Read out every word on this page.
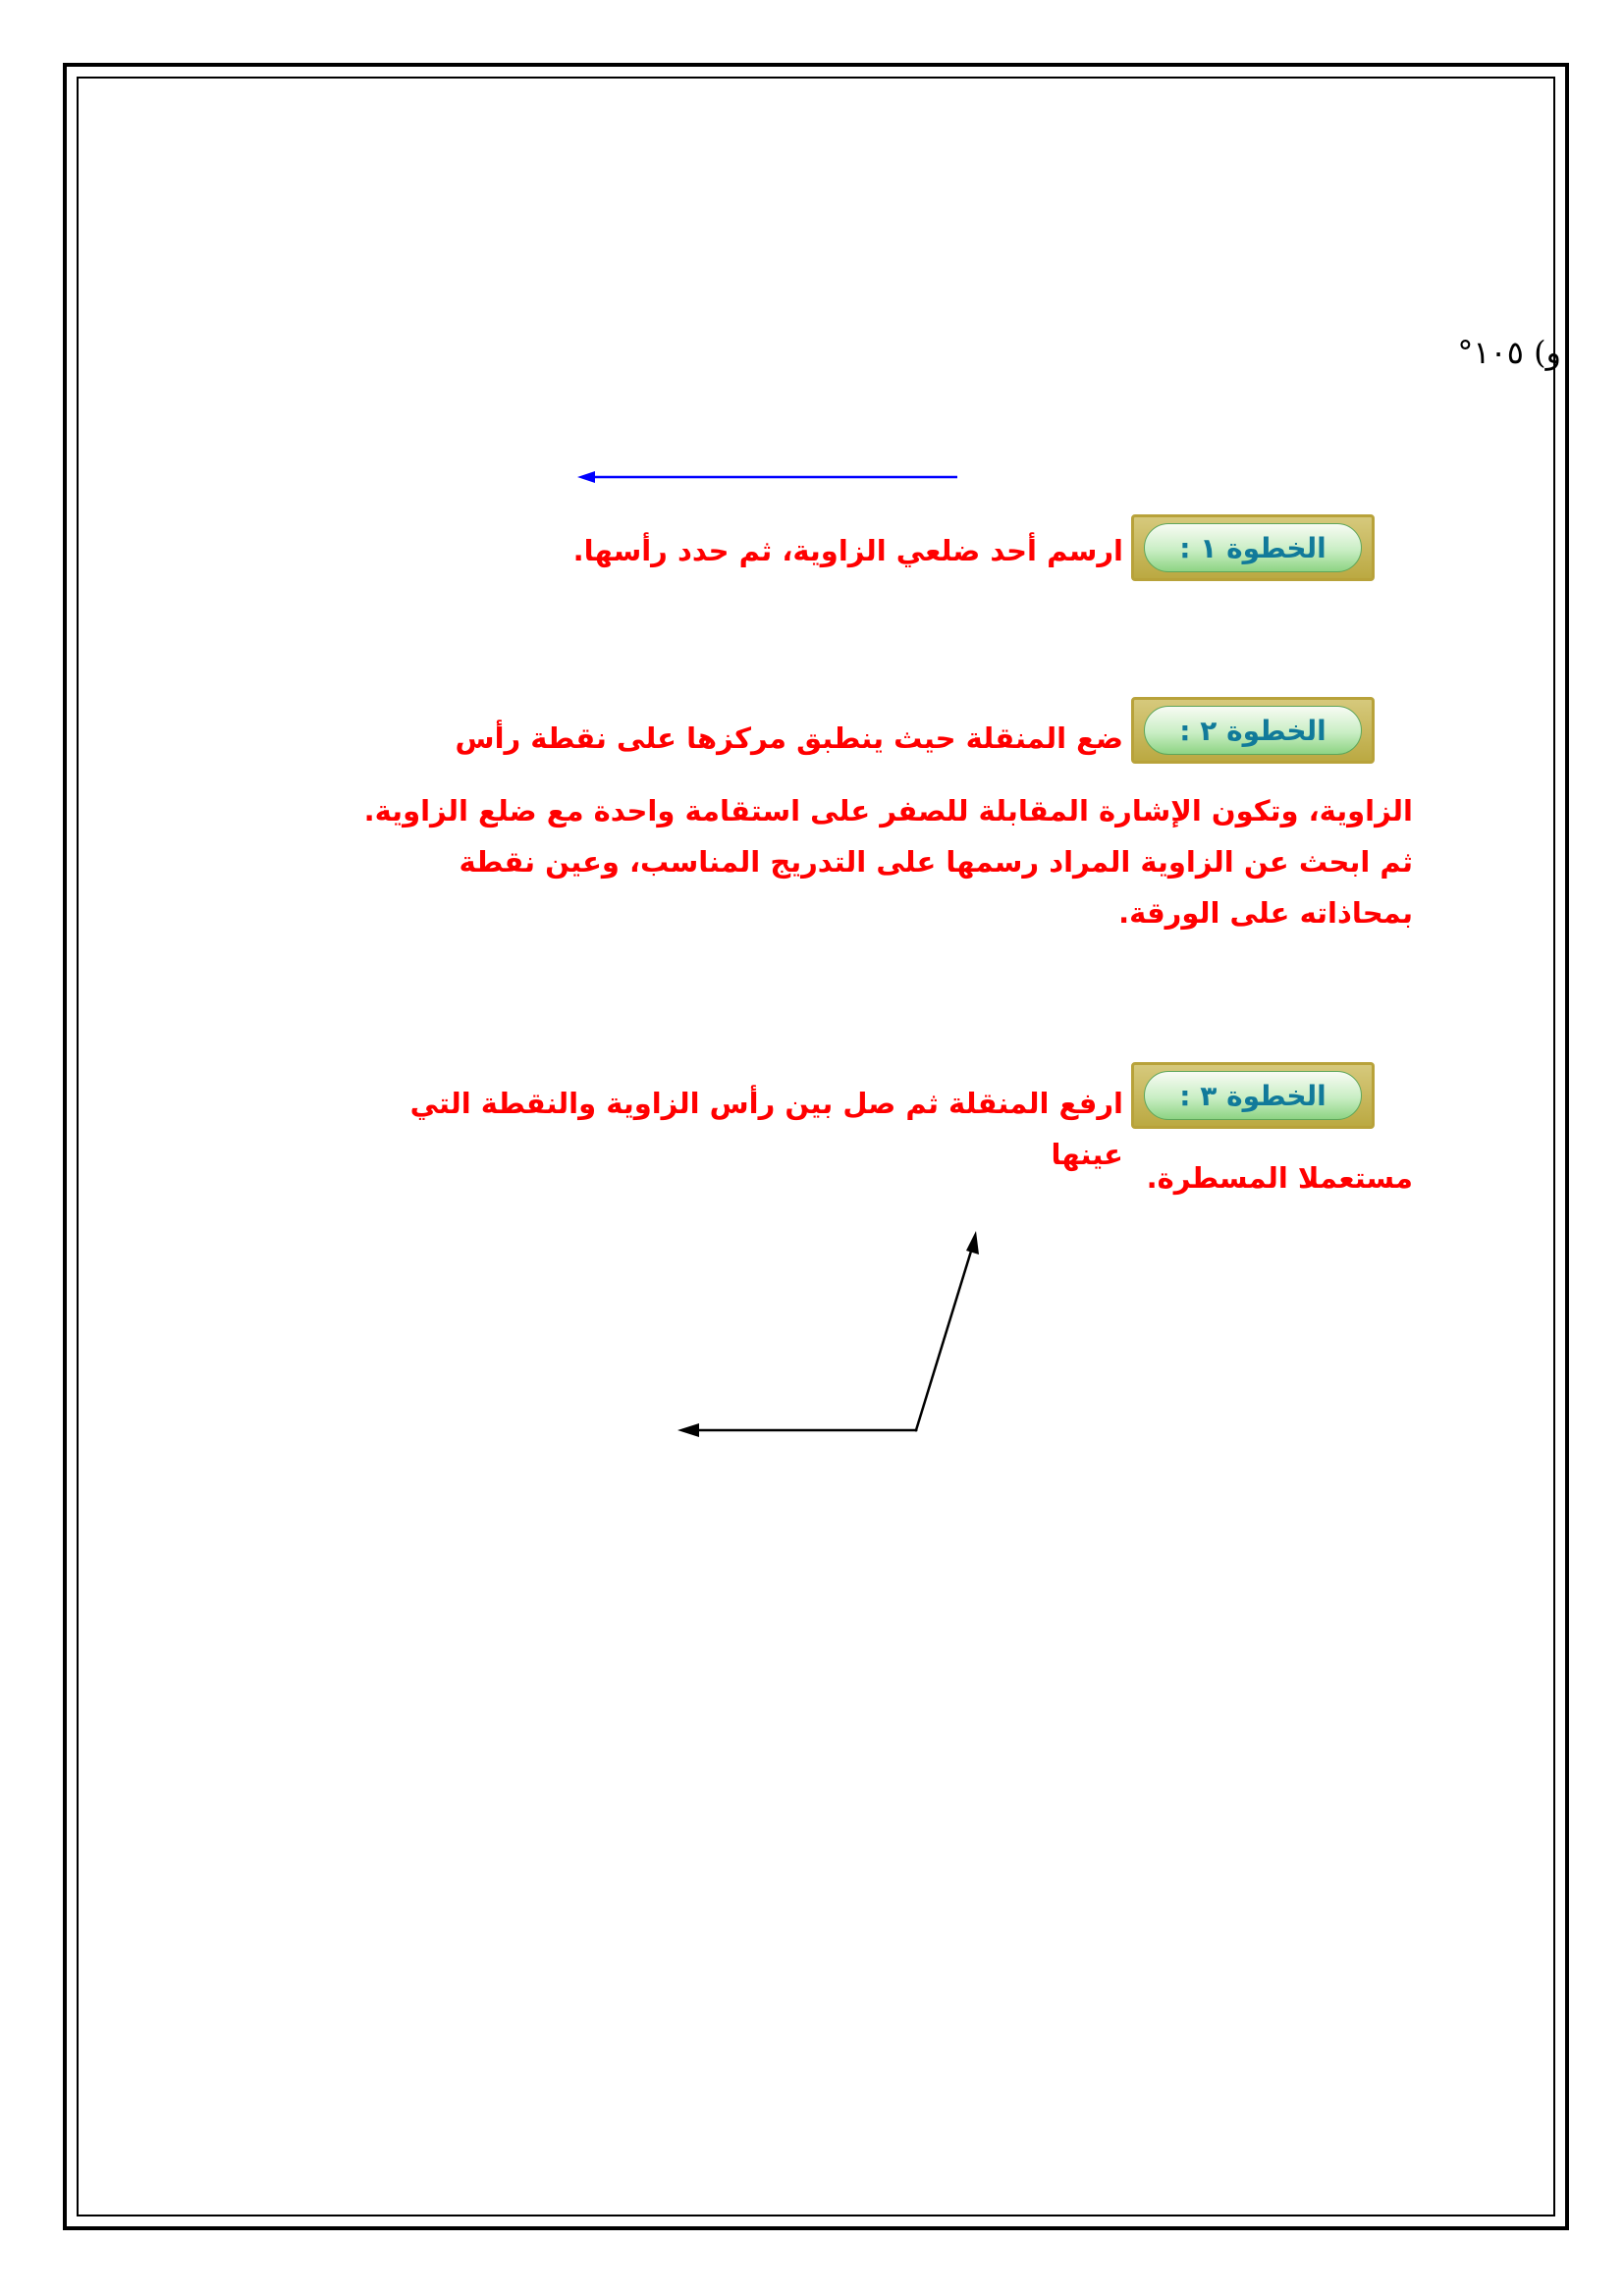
و) ١٠٥°
الخطوة ١ :
ارسم أحد ضلعي الزاوية، ثم حدد رأسها.
الخطوة ٢ :
ضع المنقلة حيث ينطبق مركزها على نقطة رأس

الزاوية، وتكون الإشارة المقابلة للصفر على استقامة واحدة مع ضلع الزاوية.

ثم ابحث عن الزاوية المراد رسمها على التدريج المناسب، وعين نقطة بمحاذاته على الورقة.

الخطوة ٣ :
ارفع المنقلة ثم صل بين رأس الزاوية والنقطة التي عينها

مستعملا المسطرة.
